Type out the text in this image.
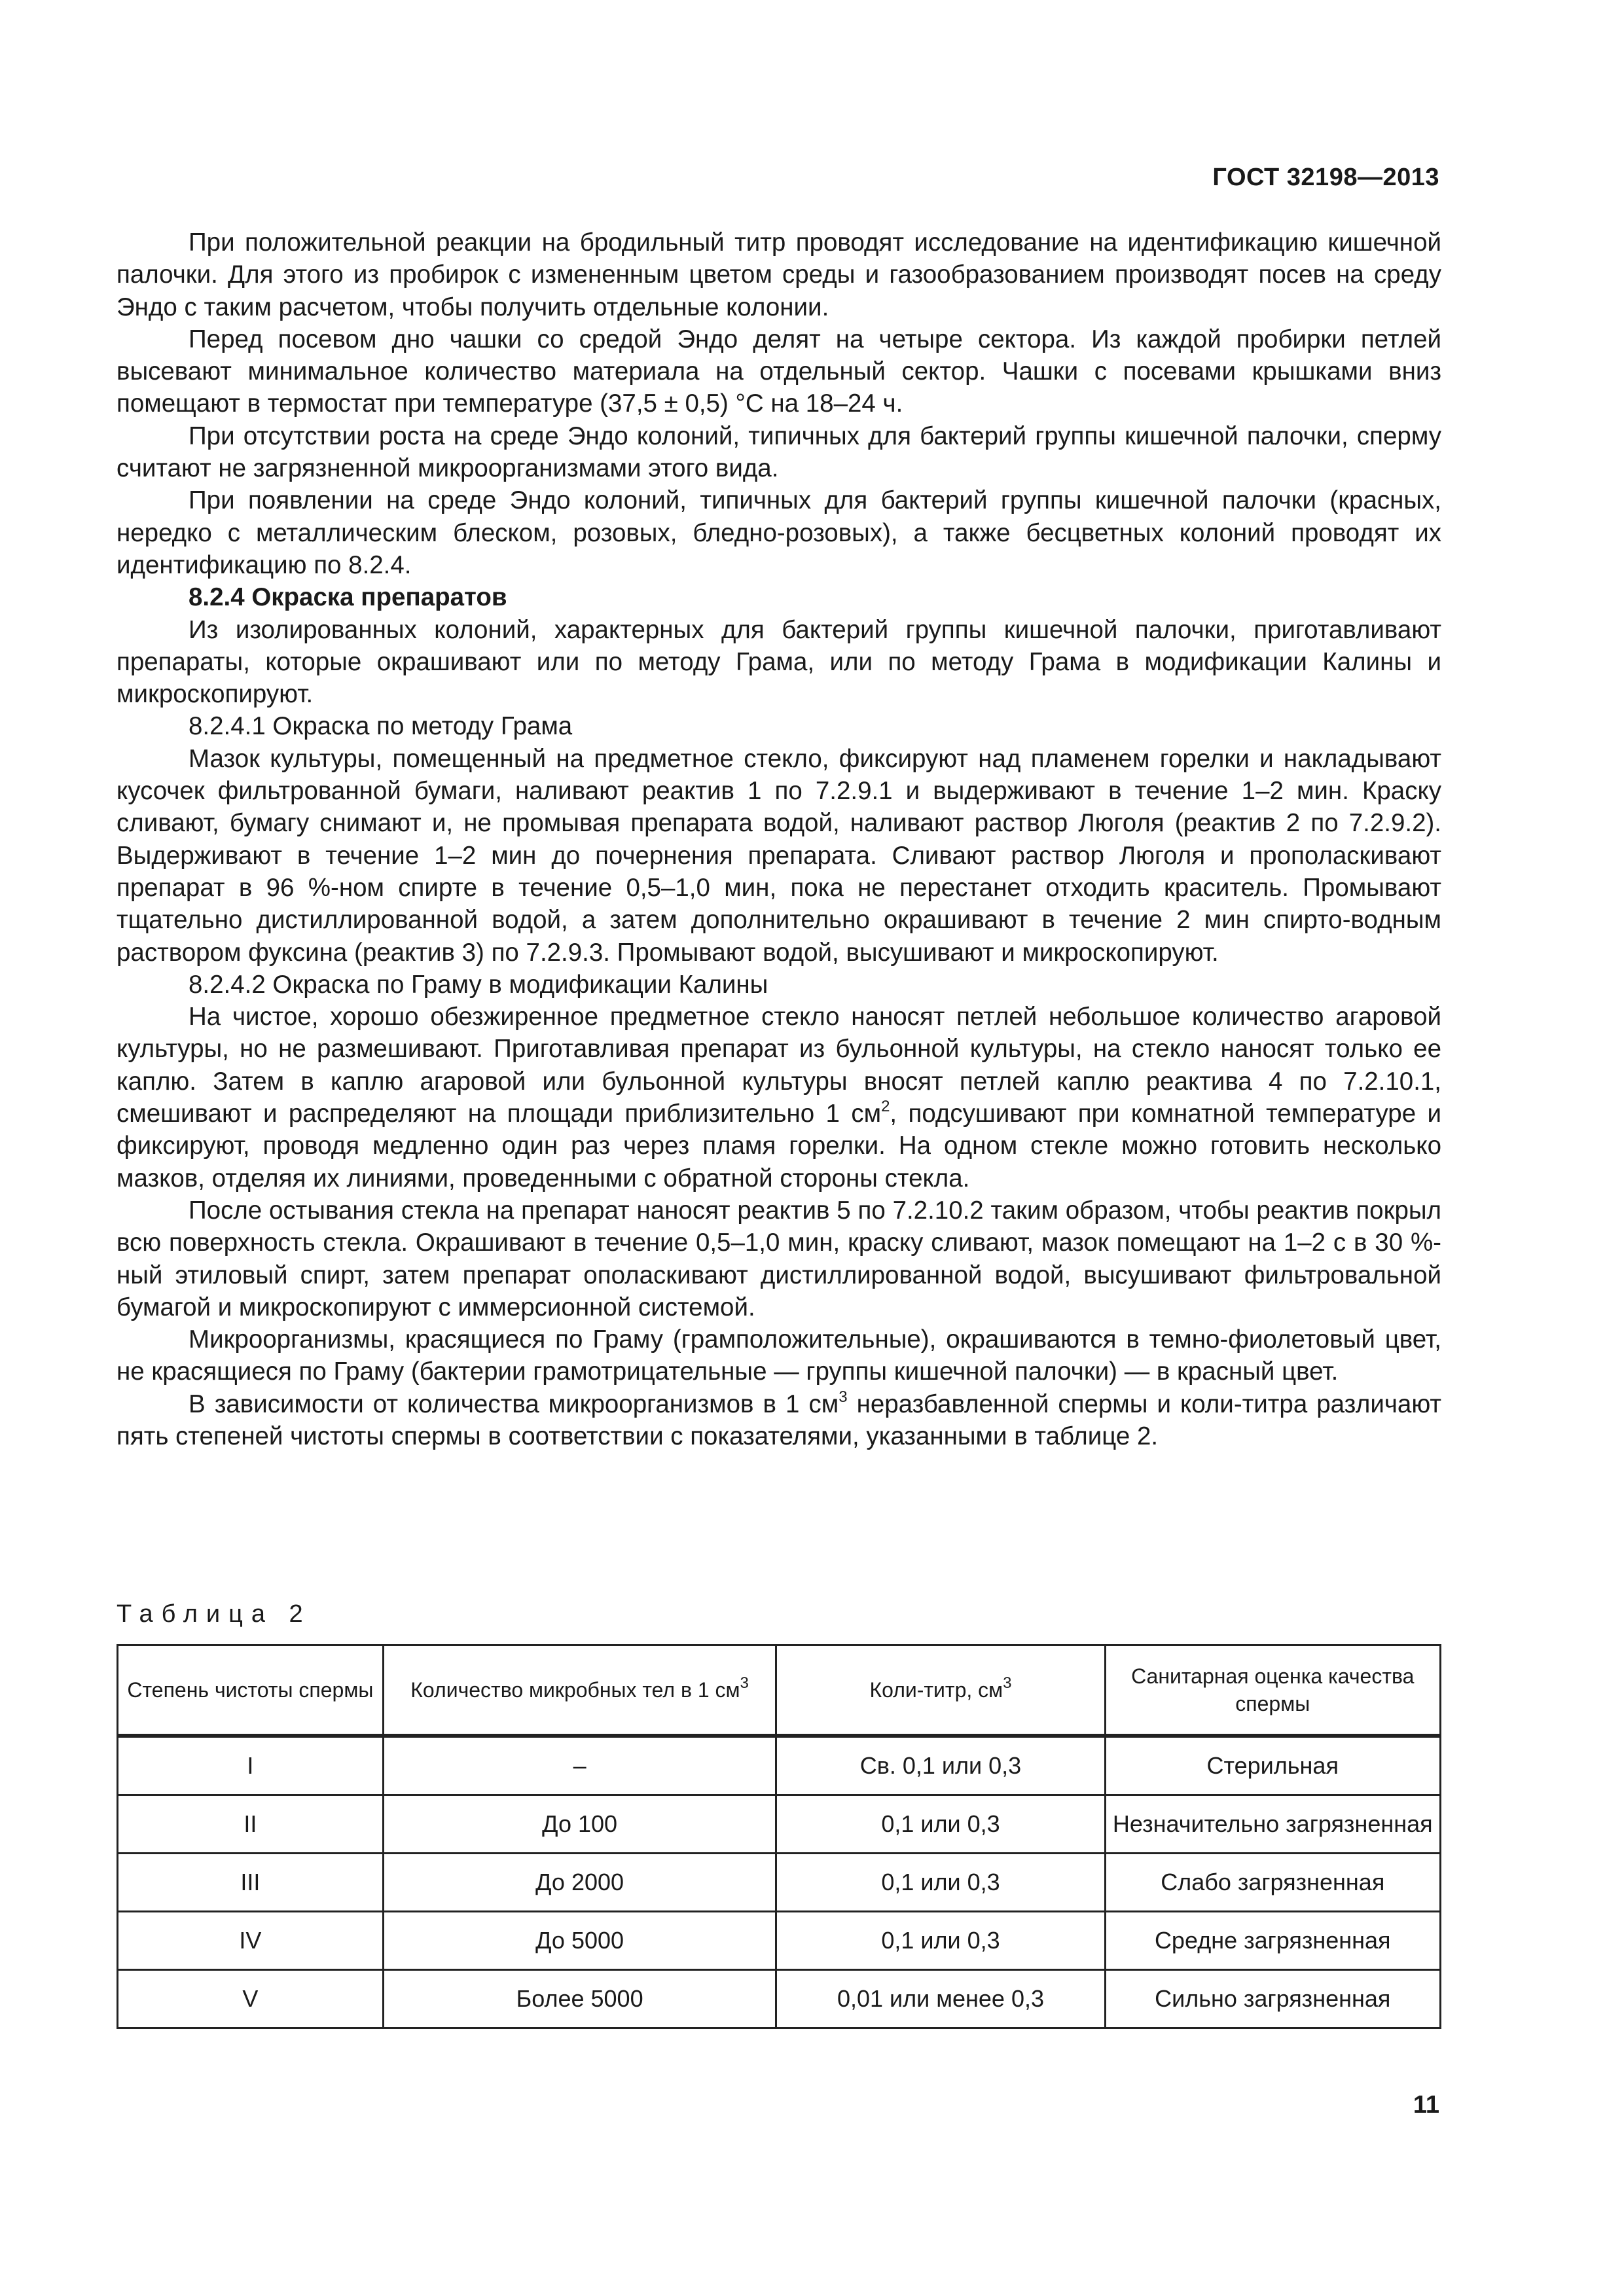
ГОСТ 32198—2013

При положительной реакции на бродильный титр проводят исследование на идентификацию кишечной палочки. Для этого из пробирок с измененным цветом среды и газообразованием производят посев на среду Эндо с таким расчетом, чтобы получить отдельные колонии.

Перед посевом дно чашки со средой Эндо делят на четыре сектора. Из каждой пробирки петлей высевают минимальное количество материала на отдельный сектор. Чашки с посевами крышками вниз помещают в термостат при температуре (37,5 ± 0,5) °С на 18–24 ч.

При отсутствии роста на среде Эндо колоний, типичных для бактерий группы кишечной палочки, сперму считают не загрязненной микроорганизмами этого вида.

При появлении на среде Эндо колоний, типичных для бактерий группы кишечной палочки (красных, нередко с металлическим блеском, розовых, бледно-розовых), а также бесцветных колоний проводят их идентификацию по 8.2.4.

8.2.4 Окраска препаратов

Из изолированных колоний, характерных для бактерий группы кишечной палочки, приготавливают препараты, которые окрашивают или по методу Грама, или по методу Грама в модификации Калины и микроскопируют.

8.2.4.1 Окраска по методу Грама

Мазок культуры, помещенный на предметное стекло, фиксируют над пламенем горелки и накладывают кусочек фильтрованной бумаги, наливают реактив 1 по 7.2.9.1 и выдерживают в течение 1–2 мин. Краску сливают, бумагу снимают и, не промывая препарата водой, наливают раствор Люголя (реактив 2 по 7.2.9.2). Выдерживают в течение 1–2 мин до почернения препарата. Сливают раствор Люголя и прополаскивают препарат в 96 %-ном спирте в течение 0,5–1,0 мин, пока не перестанет отходить краситель. Промывают тщательно дистиллированной водой, а затем дополнительно окрашивают в течение 2 мин спирто-водным раствором фуксина (реактив 3) по 7.2.9.3. Промывают водой, высушивают и микроскопируют.

8.2.4.2 Окраска по Граму в модификации Калины

На чистое, хорошо обезжиренное предметное стекло наносят петлей небольшое количество агаровой культуры, но не размешивают. Приготавливая препарат из бульонной культуры, на стекло наносят только ее каплю. Затем в каплю агаровой или бульонной культуры вносят петлей каплю реактива 4 по 7.2.10.1, смешивают и распределяют на площади приблизительно 1 $см^2$, подсушивают при комнатной температуре и фиксируют, проводя медленно один раз через пламя горелки. На одном стекле можно готовить несколько мазков, отделяя их линиями, проведенными с обратной стороны стекла.

После остывания стекла на препарат наносят реактив 5 по 7.2.10.2 таким образом, чтобы реактив покрыл всю поверхность стекла. Окрашивают в течение 0,5–1,0 мин, краску сливают, мазок помещают на 1–2 с в 30 %-ный этиловый спирт, затем препарат ополаскивают дистиллированной водой, высушивают фильтровальной бумагой и микроскопируют с иммерсионной системой.

Микроорганизмы, красящиеся по Граму (грамположительные), окрашиваются в темно-фиолетовый цвет, не красящиеся по Граму (бактерии грамотрицательные — группы кишечной палочки) — в красный цвет.

В зависимости от количества микроорганизмов в 1 $см^3$ неразбавленной спермы и коли-титра различают пять степеней чистоты спермы в соответствии с показателями, указанными в таблице 2.

Таблица 2
Степень чистоты спермы	Количество микробных тел в 1 $см^3$	Коли-титр, $см^3$	Санитарная оценка качества спермы
I	–	Св. 0,1 или 0,3	Стерильная
II	До 100	0,1 или 0,3	Незначительно загрязненная
III	До 2000	0,1 или 0,3	Слабо загрязненная
IV	До 5000	0,1 или 0,3	Средне загрязненная
V	Более 5000	0,01 или менее 0,3	Сильно загрязненная
11
